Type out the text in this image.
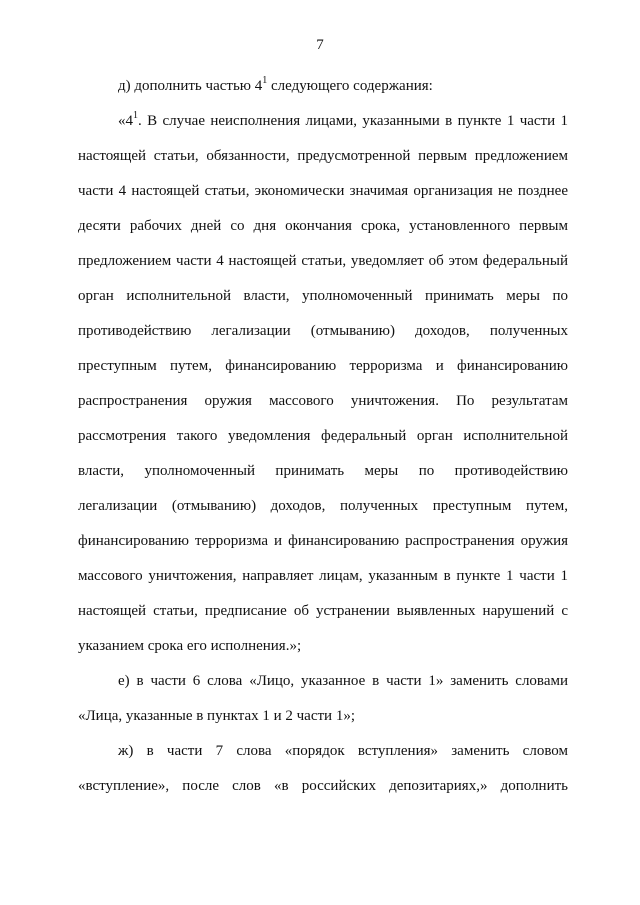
7
д) дополнить частью $4^1$ следующего содержания:
«$4^1$. В случае неисполнения лицами, указанными в пункте 1 части 1
настоящей статьи, обязанности, предусмотренной первым предложением
части 4 настоящей статьи, экономически значимая организация не позднее
десяти рабочих дней со дня окончания срока, установленного первым
предложением части 4 настоящей статьи, уведомляет об этом федеральный
орган исполнительной власти, уполномоченный принимать меры по
противодействию легализации (отмыванию) доходов, полученных
преступным путем, финансированию терроризма и финансированию
распространения оружия массового уничтожения. По результатам
рассмотрения такого уведомления федеральный орган исполнительной
власти, уполномоченный принимать меры по противодействию
легализации (отмыванию) доходов, полученных преступным путем,
финансированию терроризма и финансированию распространения оружия
массового уничтожения, направляет лицам, указанным в пункте 1 части 1
настоящей статьи, предписание об устранении выявленных нарушений с
указанием срока его исполнения.»;
е) в части 6 слова «Лицо, указанное в части 1» заменить словами
«Лица, указанные в пунктах 1 и 2 части 1»;
ж) в части 7 слова «порядок вступления» заменить словом
«вступление», после слов «в российских депозитариях,» дополнить
